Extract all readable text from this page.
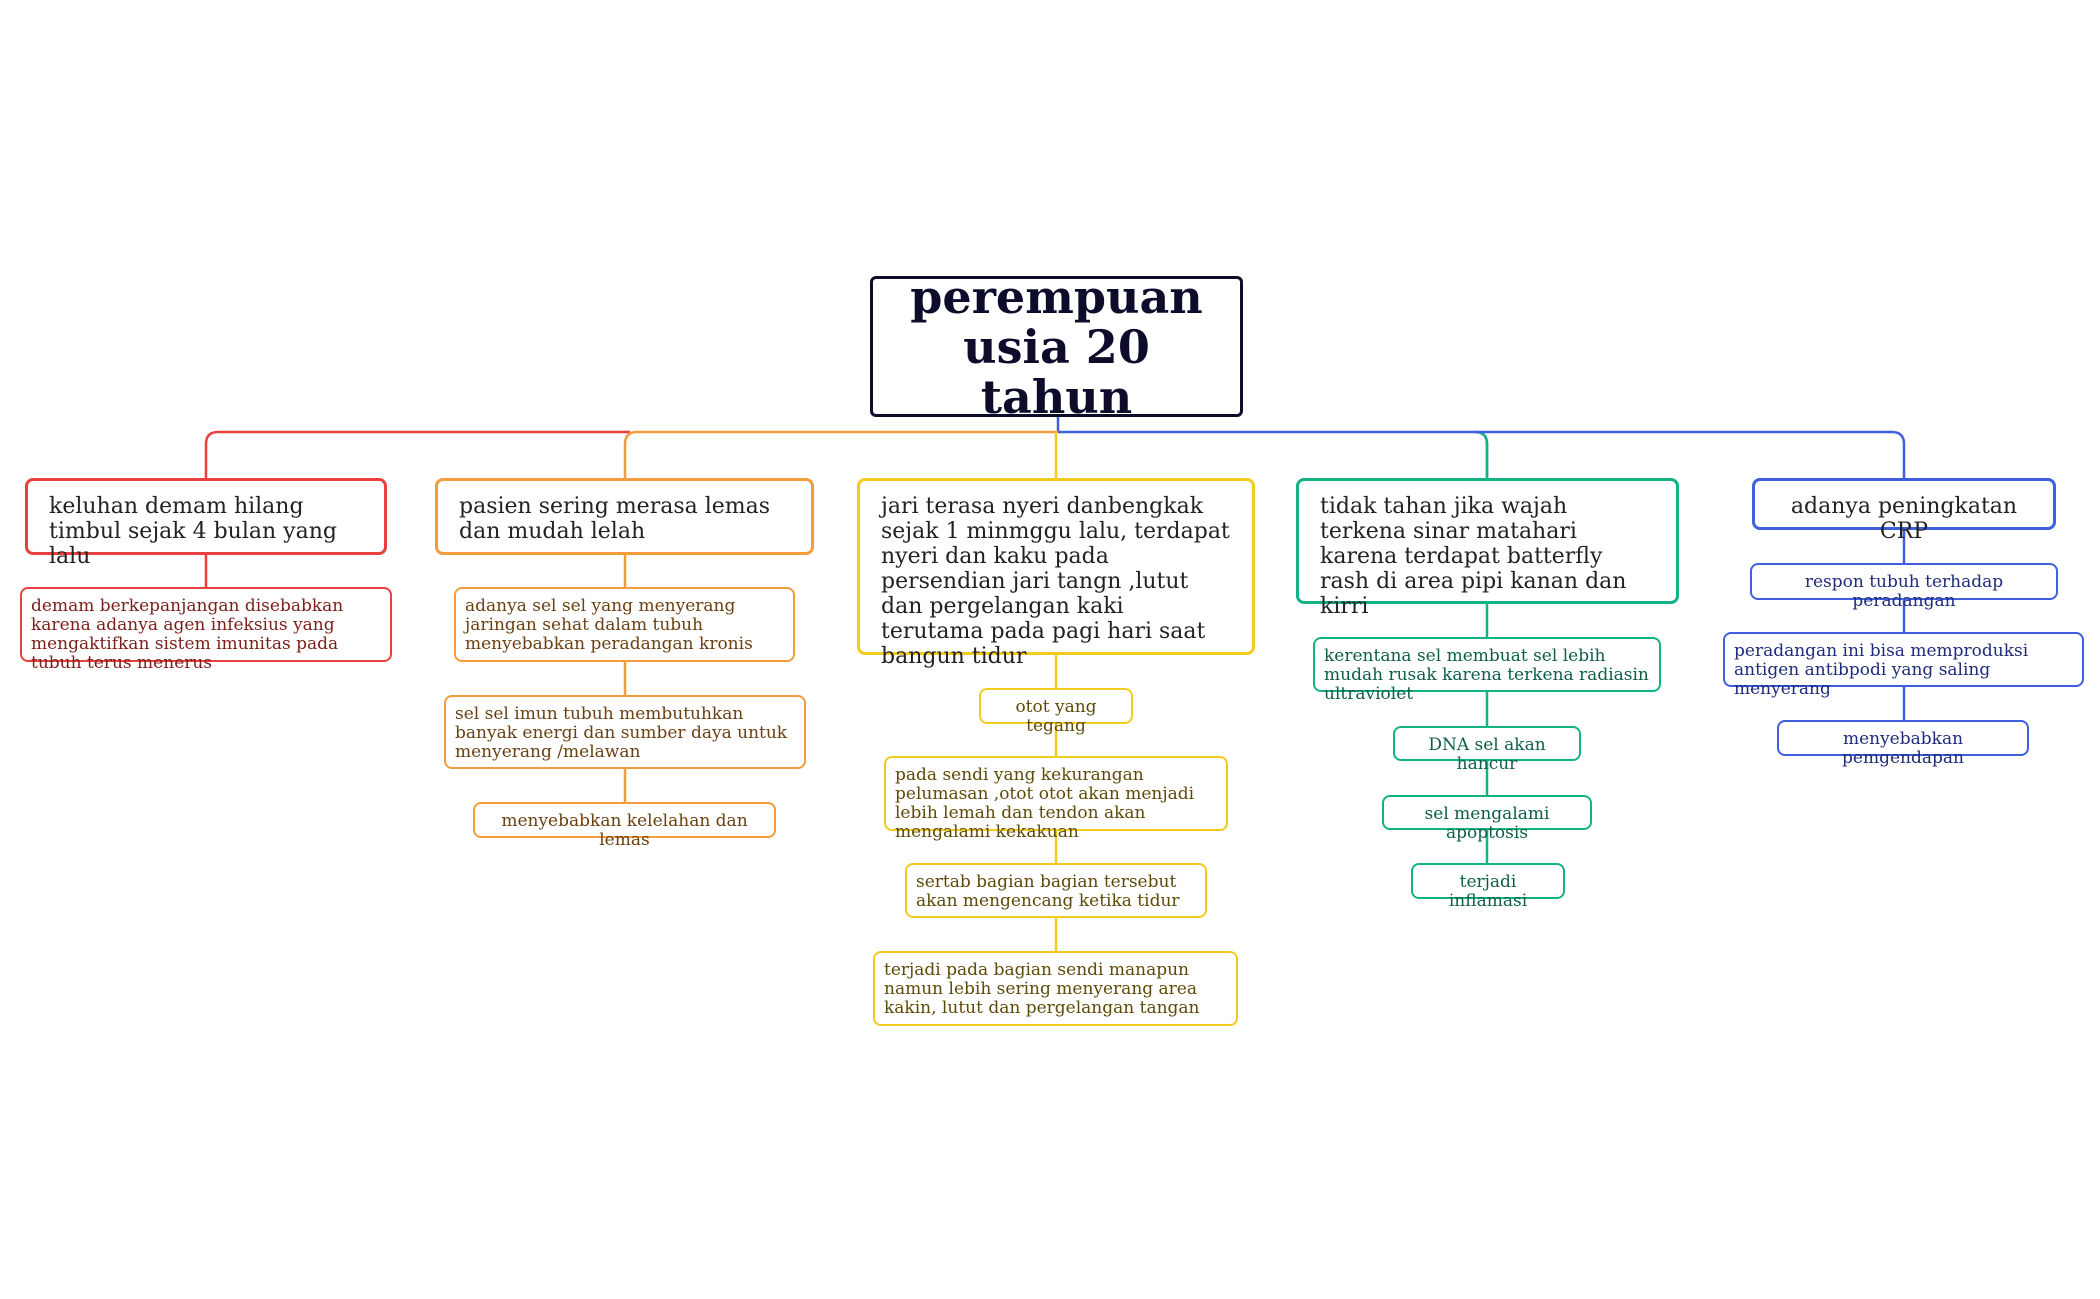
perempuan usia 20 tahun
keluhan demam hilang timbul sejak 4 bulan yang lalu
demam berkepanjangan disebabkan karena adanya agen infeksius yang mengaktifkan sistem imunitas pada tubuh terus menerus
pasien sering merasa lemas dan mudah lelah
adanya sel sel yang menyerang jaringan sehat dalam tubuh menyebabkan peradangan kronis
sel sel imun tubuh membutuhkan banyak energi dan sumber daya untuk menyerang /melawan
menyebabkan kelelahan dan lemas
jari terasa nyeri danbengkak sejak 1 minmggu lalu, terdapat nyeri dan kaku pada persendian jari tangn ,lutut dan pergelangan kaki terutama pada pagi hari saat bangun tidur
otot yang tegang
pada sendi yang kekurangan pelumasan ,otot otot akan menjadi lebih lemah dan tendon akan mengalami kekakuan
sertab bagian bagian tersebut akan mengencang ketika tidur
terjadi pada bagian sendi manapun namun lebih sering menyerang area kakin, lutut dan pergelangan tangan
tidak tahan jika wajah terkena sinar matahari karena terdapat batterfly rash di area pipi kanan dan kirri
kerentana sel membuat sel lebih mudah rusak karena terkena radiasin ultraviolet
DNA sel akan hancur
sel mengalami apoptosis
terjadi inflamasi
adanya peningkatan CRP
respon tubuh terhadap peradangan
peradangan ini bisa memproduksi antigen antibpodi yang saling menyerang
menyebabkan pemgendapan
